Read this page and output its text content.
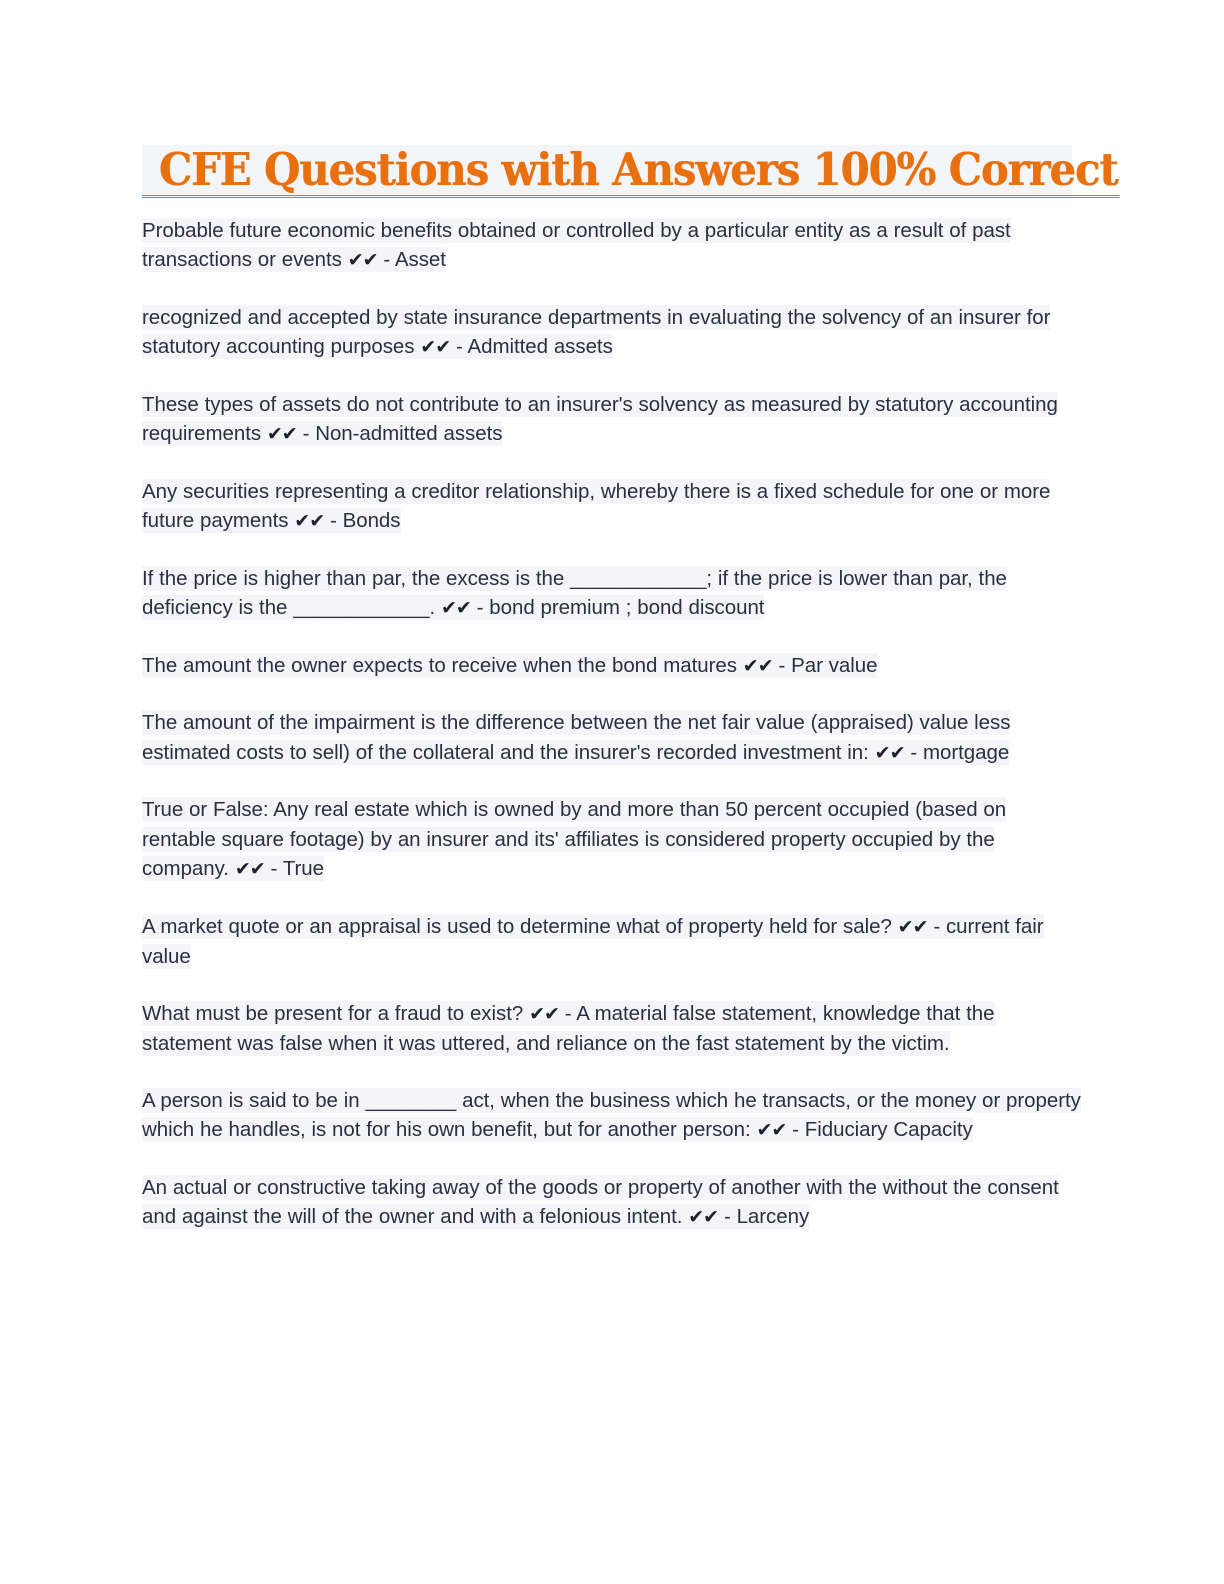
CFE Questions with Answers 100% Correct

Probable future economic benefits obtained or controlled by a particular entity as a result of past transactions or events ✔✔ - Asset

recognized and accepted by state insurance departments in evaluating the solvency of an insurer for statutory accounting purposes ✔✔ - Admitted assets

These types of assets do not contribute to an insurer's solvency as measured by statutory accounting requirements ✔✔ - Non-admitted assets

Any securities representing a creditor relationship, whereby there is a fixed schedule for one or more future payments ✔✔ - Bonds

If the price is higher than par, the excess is the ____________; if the price is lower than par, the deficiency is the ____________. ✔✔ - bond premium ; bond discount

The amount the owner expects to receive when the bond matures ✔✔ - Par value

The amount of the impairment is the difference between the net fair value (appraised) value less estimated costs to sell) of the collateral and the insurer's recorded investment in: ✔✔ - mortgage

True or False: Any real estate which is owned by and more than 50 percent occupied (based on rentable square footage) by an insurer and its' affiliates is considered property occupied by the company. ✔✔ - True

A market quote or an appraisal is used to determine what of property held for sale? ✔✔ - current fair value

What must be present for a fraud to exist? ✔✔ - A material false statement, knowledge that the statement was false when it was uttered, and reliance on the fast statement by the victim.

A person is said to be in ________ act, when the business which he transacts, or the money or property which he handles, is not for his own benefit, but for another person: ✔✔ - Fiduciary Capacity

An actual or constructive taking away of the goods or property of another with the without the consent and against the will of the owner and with a felonious intent. ✔✔ - Larceny
